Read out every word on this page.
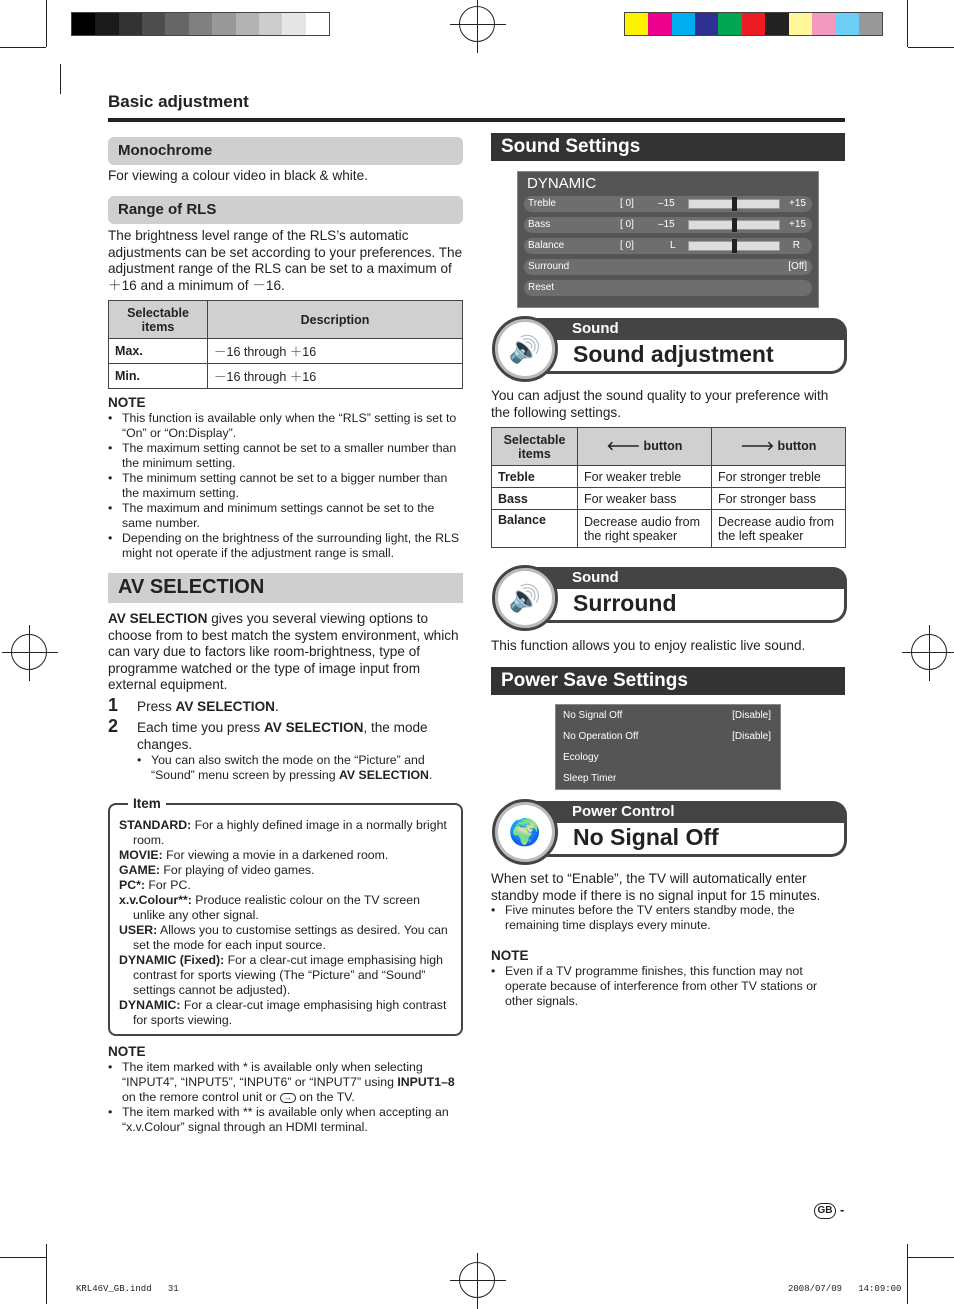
Basic adjustment
Monochrome
For viewing a colour video in black & white.
Range of RLS
The brightness level range of the RLS’s automatic adjustments can be set according to your preferences. The adjustment range of the RLS can be set to a maximum of ＋16 and a minimum of －16.
Selectable items	Description
Max.	－16 through ＋16
Min.	－16 through ＋16
NOTE
• This function is available only when the “RLS” setting is set to “On” or “On:Display”.
• The maximum setting cannot be set to a smaller number than the minimum setting.
• The minimum setting cannot be set to a bigger number than the maximum setting.
• The maximum and minimum settings cannot be set to the same number.
• Depending on the brightness of the surrounding light, the RLS might not operate if the adjustment range is small.
AV SELECTION
AV SELECTION gives you several viewing options to choose from to best match the system environment, which can vary due to factors like room-brightness, type of programme watched or the type of image input from external equipment.
1 Press AV SELECTION.
2 Each time you press AV SELECTION, the mode changes.
• You can also switch the mode on the “Picture” and “Sound” menu screen by pressing AV SELECTION.
Item

STANDARD: For a highly defined image in a normally bright room.

MOVIE: For viewing a movie in a darkened room.

GAME: For playing of video games.

PC*: For PC.

x.v.Colour**: Produce realistic colour on the TV screen unlike any other signal.

USER: Allows you to customise settings as desired. You can set the mode for each input source.

DYNAMIC (Fixed): For a clear-cut image emphasising high contrast for sports viewing (The “Picture” and “Sound” settings cannot be adjusted).

DYNAMIC: For a clear-cut image emphasising high contrast for sports viewing.

NOTE
• The item marked with * is available only when selecting “INPUT4”, “INPUT5”, “INPUT6” or “INPUT7” using INPUT1–8 on the remore control unit or → on the TV.
• The item marked with ** is available only when accepting an “x.v.Colour” signal through an HDMI terminal.
Sound Settings
DYNAMIC
Treble	[ 0] –15	+15
Bass	[ 0] –15	+15
Balance	[ 0]	L	R
Surround	[Off]
Reset
🔊
Sound
Sound adjustment
You can adjust the sound quality to your preference with the following settings.
Selectable items	🡐 button	🡒 button
Treble	For weaker treble	For stronger treble
Bass	For weaker bass	For stronger bass
Balance	Decrease audio from the right speaker	Decrease audio from the left speaker
🔊
Sound
Surround
This function allows you to enjoy realistic live sound.
Power Save Settings
No Signal Off	[Disable]
No Operation Off	[Disable]
Ecology
Sleep Timer
🌍
Power Control
No Signal Off
When set to “Enable”, the TV will automatically enter standby mode if there is no signal input for 15 minutes.
• Five minutes before the TV enters standby mode, the remaining time displays every minute.
NOTE
• Even if a TV programme finishes, this function may not operate because of interference from other TV stations or other signals.
GB -
KRL46V_GB.indd   31	2008/07/09   14:09:00
